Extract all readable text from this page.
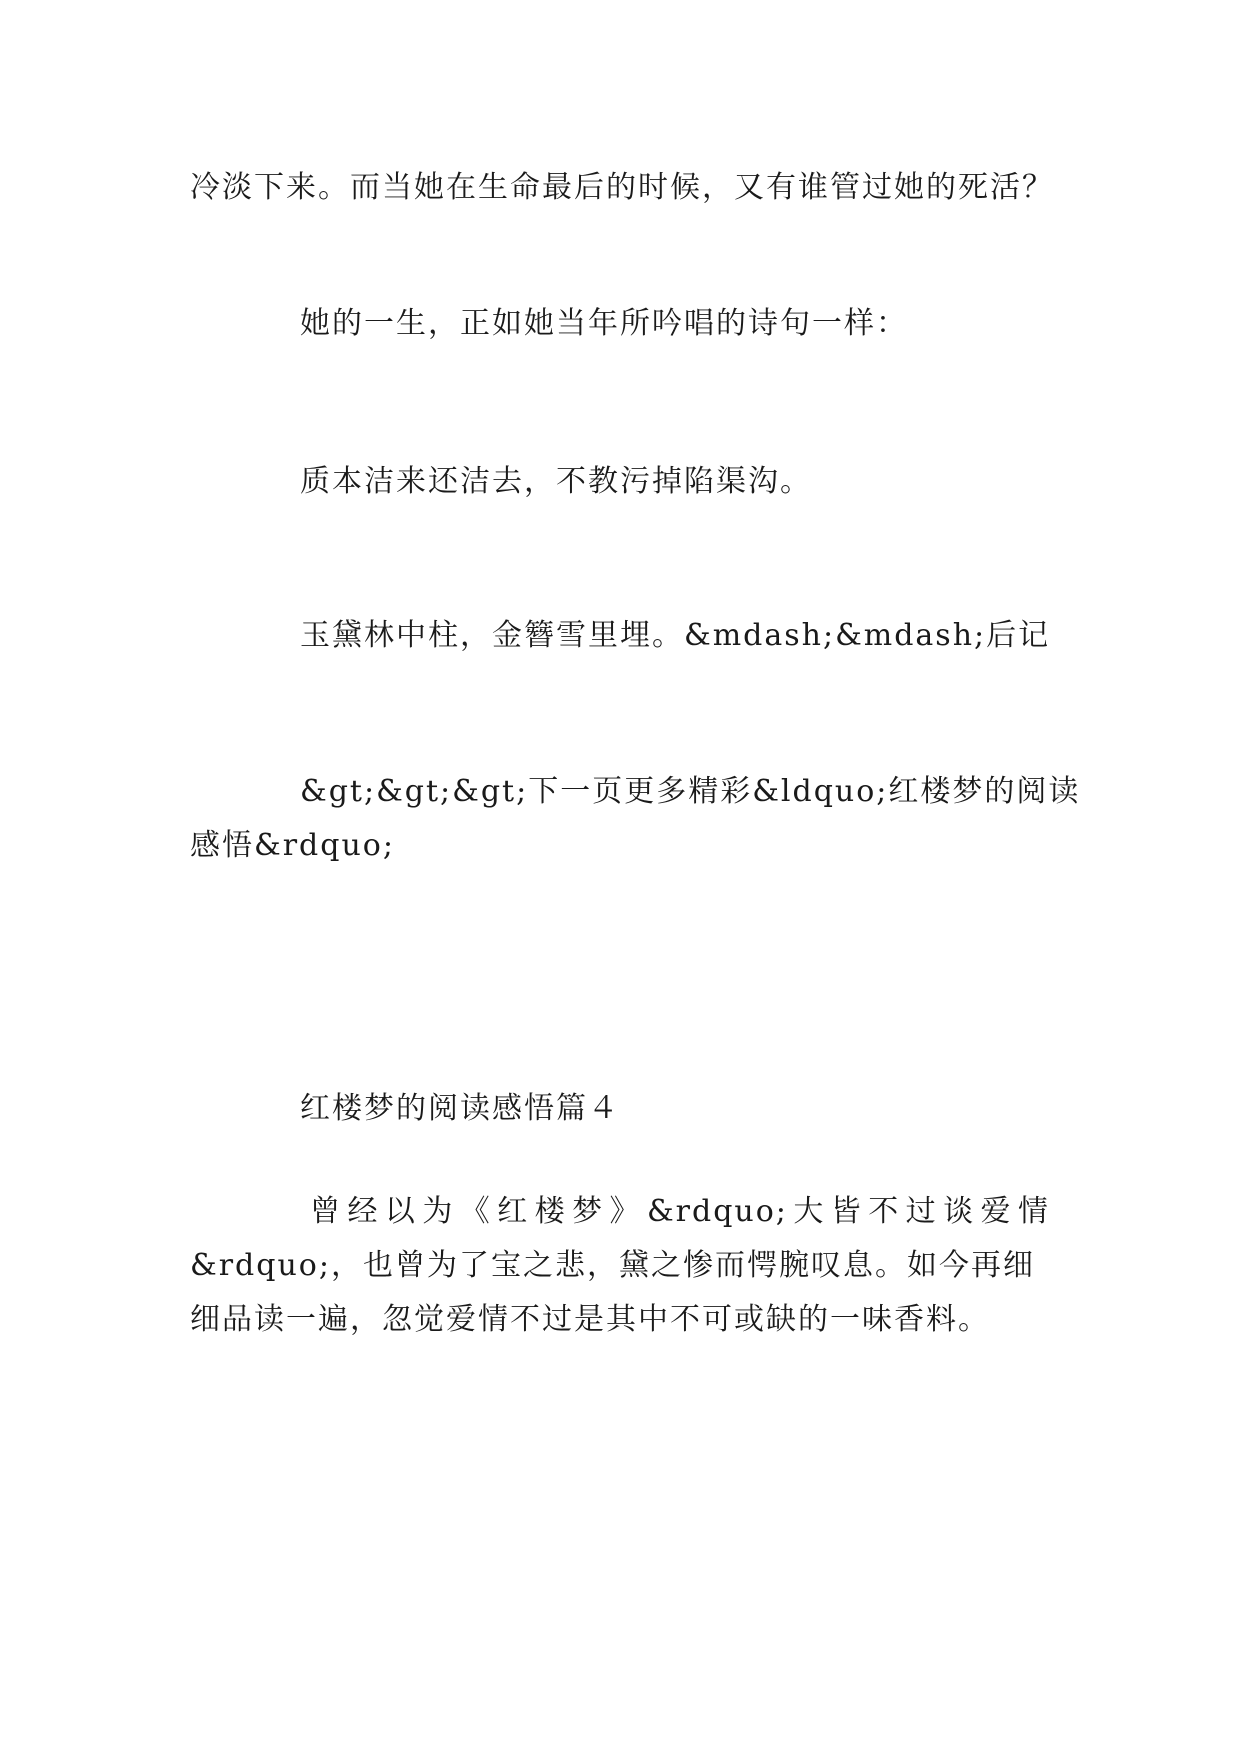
冷淡下来。而当她在生命最后的时候，又有谁管过她的死活？
她的一生，正如她当年所吟唱的诗句一样：
质本洁来还洁去，不教污掉陷渠沟。
玉黛林中柱，金簪雪里埋。&mdash;&mdash;后记
&gt;&gt;&gt;下一页更多精彩&ldquo;红楼梦的阅读
感悟&rdquo;
红楼梦的阅读感悟篇４
曾经以为《红楼梦》&rdquo;大皆不过谈爱情
&rdquo;，也曾为了宝之悲，黛之惨而愕腕叹息。如今再细
细品读一遍，忽觉爱情不过是其中不可或缺的一味香料。
